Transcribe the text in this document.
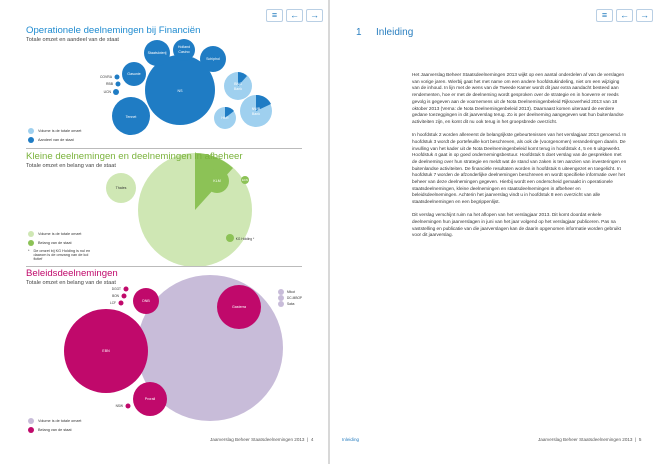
≡	←	→
Operationele deelnemingen bij Financiën
Totale omzet en aandeel van de staat
NS
Tennet
Gasunie
Staatsloterij
Holland
Casino
Schiphol
BNG
Bank
NWB
Bank
HbR
COVRA
RBB
UCN
Thales
KLM	ECN
KG Holding *
EBN
Gasterra
DNB
Prorail
DGGT
BON
LCF
NSW
Mfoot
DC-MBOP
Saba
Volume is de totale omzet
Aandeel van de staat
Kleine deelnemingen en deelnemingen in afbeheer
Totale omzet en belang van de staat
Volume is de totale omzet
Belang van de staat
* De omzet bij KG Holding is nul en daarom is de omvang van de kol fictief
Beleidsdeelnemingen
Totale omzet en belang van de staat
Volume is de totale omzet
Belang van de staat
Jaarverslag Beheer Staatsdeelnemingen 2013  |  4
≡	←	→
1 Inleiding

Het Jaarverslag Beheer Staatsdeelnemingen 2013 wijkt op een aantal onderdelen af van de verslagen van vorige jaren. Wierbij gaat het met name om een andere hoofdstukindeling, niet om een wijziging van de inhoud. In lijn met de wens van de Tweede Kamer wordt dit jaar extra aandacht besteed aan rendementen, hoe er met de deelneming wordt gesproken over de strategie en in hoeverre er reeds gevolg is gegeven aan de voornemens uit de Nota Deelnemingenbeleid Rijksoverheid 2013 van 18 oktober 2013 (Verna: de Nota Deelnemingenbeleid 2013). Daarnaast komen uiteraard de eerdere gedane toezeggingen in dit jaarverslag terug. Zo is per deelneming aangegeven wat hun buitenlandse activiteiten zijn, en komt dit nu ook terug in het groepsbrede overzicht.

In hoofdstuk 2 worden allereerst de belangrijkste gebeurtenissen van het verslagjaar 2013 genoemd. In hoofdstuk 3 wordt de portefeuille kort beschreven, als ook de (voorgenomen) veranderingen daarin. De invulling van het kader uit de Nota Deelnemingenbeleid komt terug in hoofdstuk 4, 5 en 6 uitgewerkt. Hoofdstuk 4 gaat in op goed ondernemingsbestuur. Hoofdstuk 5 doet verslag van de gesprekken met de deelneming over hun strategie en meldt wat de stand van zaken is ten aanzien van investeringen en buitenlandse activiteiten. De financiële resultaten worden in hoofdstuk 6 uiteengezet en toegelicht. In hoofdstuk 7 worden de afzonderlijke deelnemingen beschreven en wordt specifieke informatie over het beheer van deze deelnemingen gegeven. Hierbij wordt een onderscheid gemaakt in operationele staatsdeelnemingen, kleine deelnemingen en staatsdeelnemingen in afbeheer en beleidsdeelnemingen. Achterin het jaarverslag vindt u in hoofdstuk 8 een overzicht van alle staatsdeelnemingen en een begrippenlijst.

Dit verslag verschijnt ruim na het aflopen van het verslagjaar 2013. Dit komt doordat enkele deelnemingen hun jaarverslagen in juni van het jaar volgend op het verslagjaar publiceren. Pas na vaststelling en publicatie van die jaarverslagen kan de daarin opgenomen informatie worden gebruikt voor dit jaarverslag.

Inleiding	Jaarverslag Beheer Staatsdeelnemingen 2013  |  5
